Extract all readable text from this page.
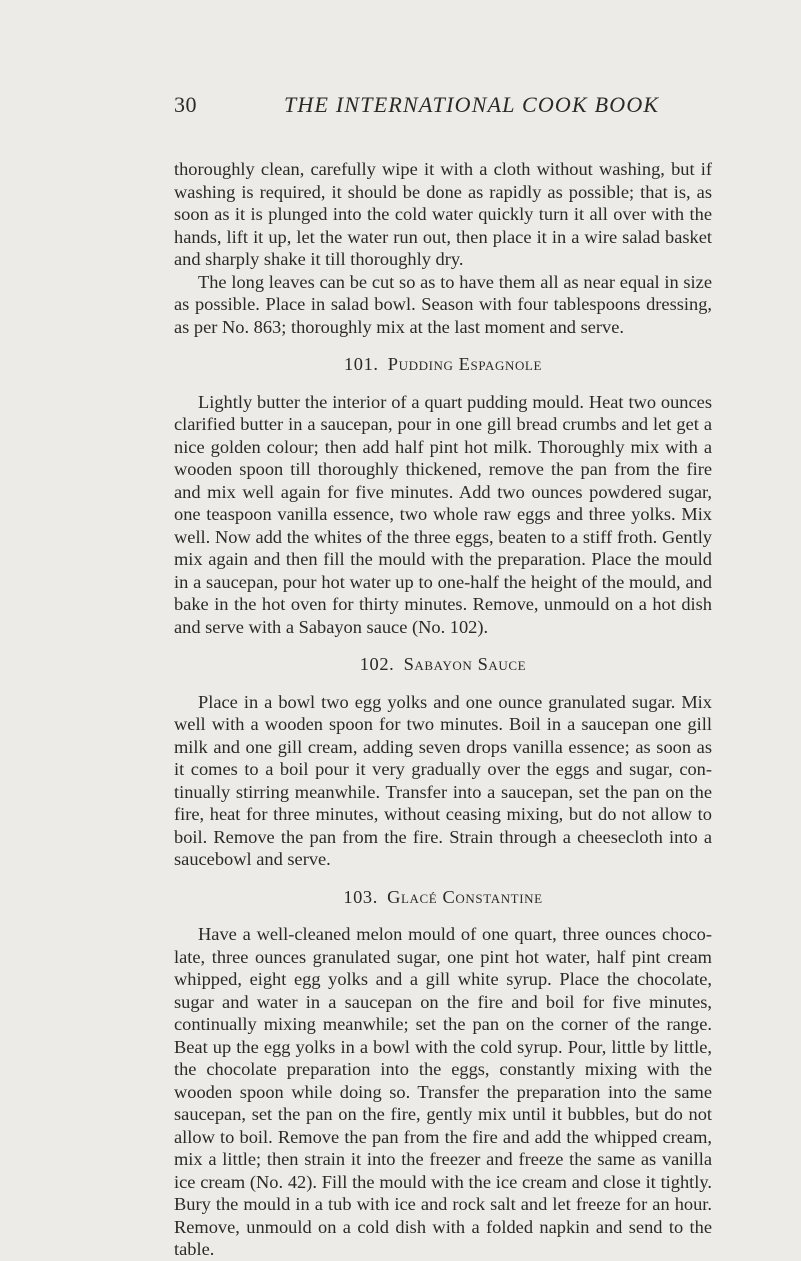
30	THE INTERNATIONAL COOK BOOK

thoroughly clean, carefully wipe it with a cloth without washing, but if washing is required, it should be done as rapidly as possible; that is, as soon as it is plunged into the cold water quickly turn it all over with the hands, lift it up, let the water run out, then place it in a wire salad basket and sharply shake it till thoroughly dry.

The long leaves can be cut so as to have them all as near equal in size as possible. Place in salad bowl. Season with four tablespoons dressing, as per No. 863; thoroughly mix at the last moment and serve.

101. Pudding Espagnole

Lightly butter the interior of a quart pudding mould. Heat two ounces clarified butter in a saucepan, pour in one gill bread crumbs and let get a nice golden colour; then add half pint hot milk. Thoroughly mix with a wooden spoon till thoroughly thickened, remove the pan from the fire and mix well again for five minutes. Add two ounces powdered sugar, one teaspoon vanilla essence, two whole raw eggs and three yolks. Mix well. Now add the whites of the three eggs, beaten to a stiff froth. Gently mix again and then fill the mould with the preparation. Place the mould in a saucepan, pour hot water up to one-half the height of the mould, and bake in the hot oven for thirty minutes. Remove, unmould on a hot dish and serve with a Sabayon sauce (No. 102).

102. Sabayon Sauce

Place in a bowl two egg yolks and one ounce granulated sugar. Mix well with a wooden spoon for two minutes. Boil in a saucepan one gill milk and one gill cream, adding seven drops vanilla essence; as soon as it comes to a boil pour it very gradually over the eggs and sugar, continually stirring meanwhile. Transfer into a saucepan, set the pan on the fire, heat for three minutes, without ceasing mixing, but do not allow to boil. Remove the pan from the fire. Strain through a cheesecloth into a saucebowl and serve.

103. Glacé Constantine

Have a well-cleaned melon mould of one quart, three ounces chocolate, three ounces granulated sugar, one pint hot water, half pint cream whipped, eight egg yolks and a gill white syrup. Place the chocolate, sugar and water in a saucepan on the fire and boil for five minutes, continually mixing meanwhile; set the pan on the corner of the range. Beat up the egg yolks in a bowl with the cold syrup. Pour, little by little, the chocolate preparation into the eggs, constantly mixing with the wooden spoon while doing so. Transfer the preparation into the same saucepan, set the pan on the fire, gently mix until it bubbles, but do not allow to boil. Remove the pan from the fire and add the whipped cream, mix a little; then strain it into the freezer and freeze the same as vanilla ice cream (No. 42). Fill the mould with the ice cream and close it tightly. Bury the mould in a tub with ice and rock salt and let freeze for an hour. Remove, unmould on a cold dish with a folded napkin and send to the table.
